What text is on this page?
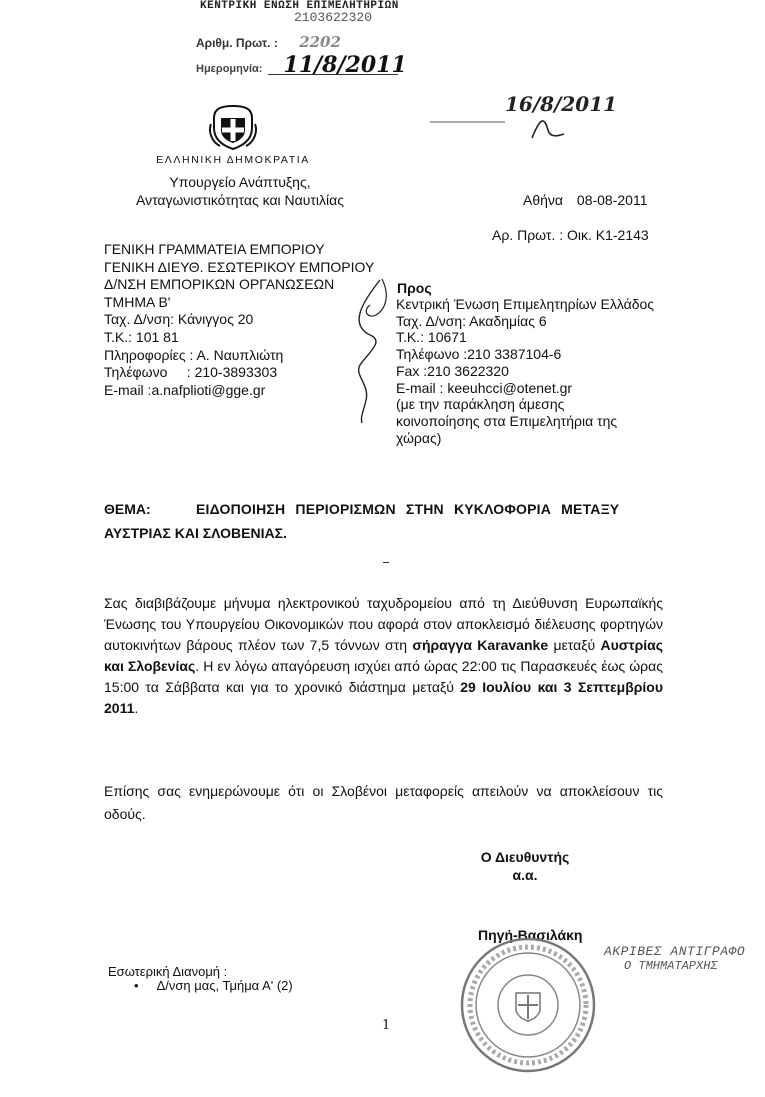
ΚΕΝΤΡΙΚΗ ΕΝΩΣΗ ΕΠΙΜΕΛΗΤΗΡΙΩΝ
2103622320
Αριθμ. Πρωτ. : 2202
Ημερομηνία: 11/8/2011
16/8/2011
ΕΛΛΗΝΙΚΗ ΔΗΜΟΚΡΑΤΙΑ
Υπουργείο Ανάπτυξης,
Ανταγωνιστικότητας και Ναυτιλίας	Αθήνα 08-08-2011
Αρ. Πρωτ. : Οικ. Κ1-2143
ΓΕΝΙΚΗ ΓΡΑΜΜΑΤΕΙΑ ΕΜΠΟΡΙΟΥ
ΓΕΝΙΚΗ ΔΙΕΥΘ. ΕΣΩΤΕΡΙΚΟΥ ΕΜΠΟΡΙΟΥ
Δ/ΝΣΗ ΕΜΠΟΡΙΚΩΝ ΟΡΓΑΝΩΣΕΩΝ
ΤΜΗΜΑ Β'
Ταχ. Δ/νση: Κάνιγγος 20
Τ.Κ.: 101 81
Πληροφορίες : Α. Ναυπλιώτη
Τηλέφωνο     : 210-3893303
E-mail :a.nafplioti@gge.gr
Προς
Κεντρική Ένωση Επιμελητηρίων Ελλάδος
Ταχ. Δ/νση: Ακαδημίας 6
Τ.Κ.: 10671
Τηλέφωνο :210 3387104-6
Fax :210 3622320
E-mail : keeuhcci@otenet.gr
(με την παράκληση άμεσης
κοινοποίησης στα Επιμελητήρια της
χώρας)
ΘΕΜΑ:	ΕΙΔΟΠΟΙΗΣΗ ΠΕΡΙΟΡΙΣΜΩΝ ΣΤΗΝ ΚΥΚΛΟΦΟΡΙΑ ΜΕΤΑΞΥ
ΑΥΣΤΡΙΑΣ ΚΑΙ ΣΛΟΒΕΝΙΑΣ.
Σας διαβιβάζουμε μήνυμα ηλεκτρονικού ταχυδρομείου από τη Διεύθυνση Ευρωπαϊκής Ένωσης του Υπουργείου Οικονομικών που αφορά στον αποκλεισμό διέλευσης φορτηγών αυτοκινήτων βάρους πλέον των 7,5 τόννων στη σήραγγα Karavanke μεταξύ Αυστρίας και Σλοβενίας. Η εν λόγω απαγόρευση ισχύει από ώρας 22:00 τις Παρασκευές έως ώρας 15:00 τα Σάββατα και για το χρονικό διάστημα μεταξύ 29 Ιουλίου και 3 Σεπτεμβρίου 2011.
Επίσης σας ενημερώνουμε ότι οι Σλοβένοι μεταφορείς απειλούν να αποκλείσουν τις οδούς.
Ο Διευθυντής
α.α.
Πηγή-Βασιλάκη
ΑΚΡΙΒΕΣ ΑΝΤΙΓΡΑΦΟ
Ο ΤΜΗΜΑΤΑΡΧΗΣ
Εσωτερική Διανομή :
• Δ/νση μας, Τμήμα Α' (2)
1
